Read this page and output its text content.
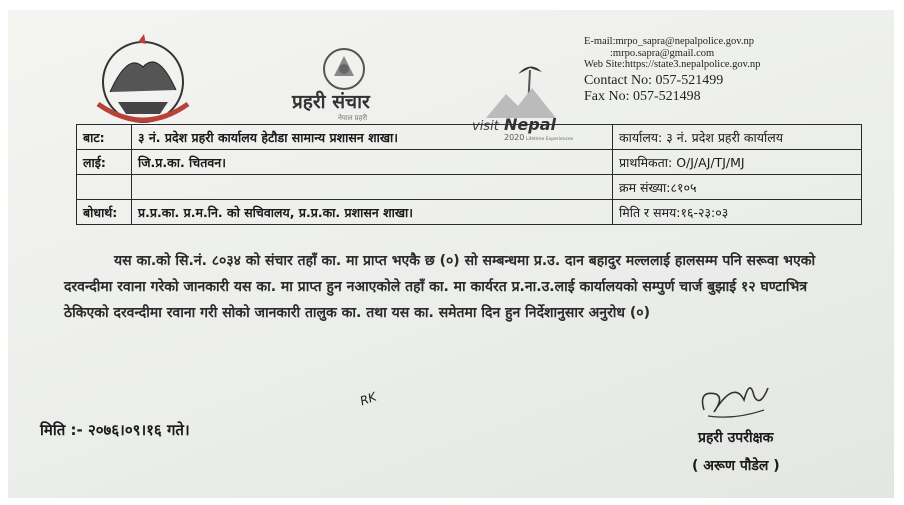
नेपाल सरकार
प्रहरी संचार
नेपाल प्रहरी
visit Nepal
2020 Lifetime Experiences
E-mail:mrpo_sapra@nepalpolice.gov.np
:mrpo.sapra@gmail.com
Web Site:https://state3.nepalpolice.gov.np
Contact No: 057-521499
Fax No: 057-521498
बाट:	३ नं. प्रदेश प्रहरी कार्यालय हेटौडा सामान्य प्रशासन शाखा।	कार्यालय: ३ नं. प्रदेश प्रहरी कार्यालय
लाई:	जि.प्र.का. चितवन।	प्राथमिकता: O/J/AJ/TJ/MJ
		क्रम संख्या:८१०५
बोधार्थ:	प्र.प्र.का. प्र.म.नि. को सचिवालय, प्र.प्र.का. प्रशासन शाखा।	मिति र समय:१६-२३:०३
यस का.को सि.नं. ८०३४ को संचार तहाँ का. मा प्राप्त भएकै छ (०) सो सम्बन्धमा प्र.उ. दान बहादुर मल्ललाई हालसम्म पनि सरूवा भएको दरवन्दीमा रवाना गरेको जानकारी यस का. मा प्राप्त हुन नआएकोले तहाँ का. मा कार्यरत प्र.ना.उ.लाई कार्यालयको सम्पुर्ण चार्ज बुझाई १२ घण्टाभित्र ठेकिएको दरवन्दीमा रवाना गरी सोको जानकारी तालुक का. तथा यस का. समेतमा दिन हुन निर्देशानुसार अनुरोध (०)
RK
मिति :- २०७६।०९।१६ गते।	प्रहरी उपरीक्षक
( अरूण पौडेल )
